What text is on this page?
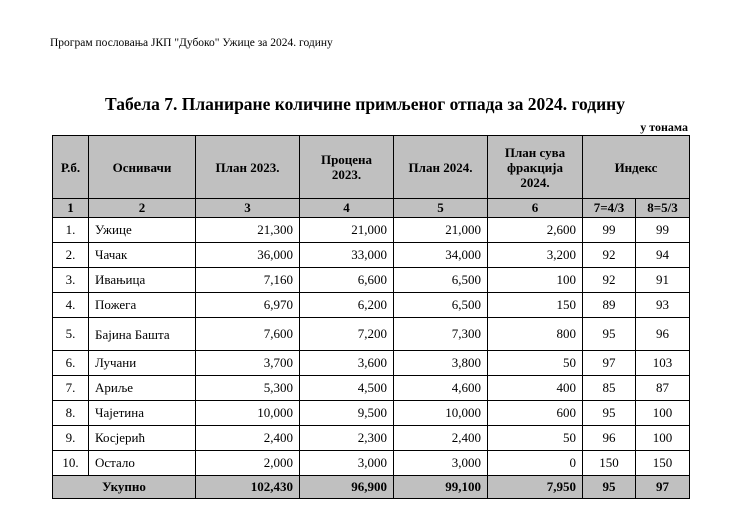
Програм пословања ЈКП "Дубоко" Ужице за 2024. годину
Табела 7. Планиране количине примљеног отпада за 2024. годину
у тонама
Р.б.	Оснивачи	План 2023.	Процена 2023.	План 2024.	План сува фракција 2024.	Индекс	
1	2	3	4	5	6	7=4/3	8=5/3
1.	Ужице	21,300	21,000	21,000	2,600	99	99
2.	Чачак	36,000	33,000	34,000	3,200	92	94
3.	Ивањица	7,160	6,600	6,500	100	92	91
4.	Пожега	6,970	6,200	6,500	150	89	93
5.	Бајина Башта	7,600	7,200	7,300	800	95	96
6.	Лучани	3,700	3,600	3,800	50	97	103
7.	Ариље	5,300	4,500	4,600	400	85	87
8.	Чајетина	10,000	9,500	10,000	600	95	100
9.	Косјерић	2,400	2,300	2,400	50	96	100
10.	Остало	2,000	3,000	3,000	0	150	150
Укупно		102,430	96,900	99,100	7,950	95	97
